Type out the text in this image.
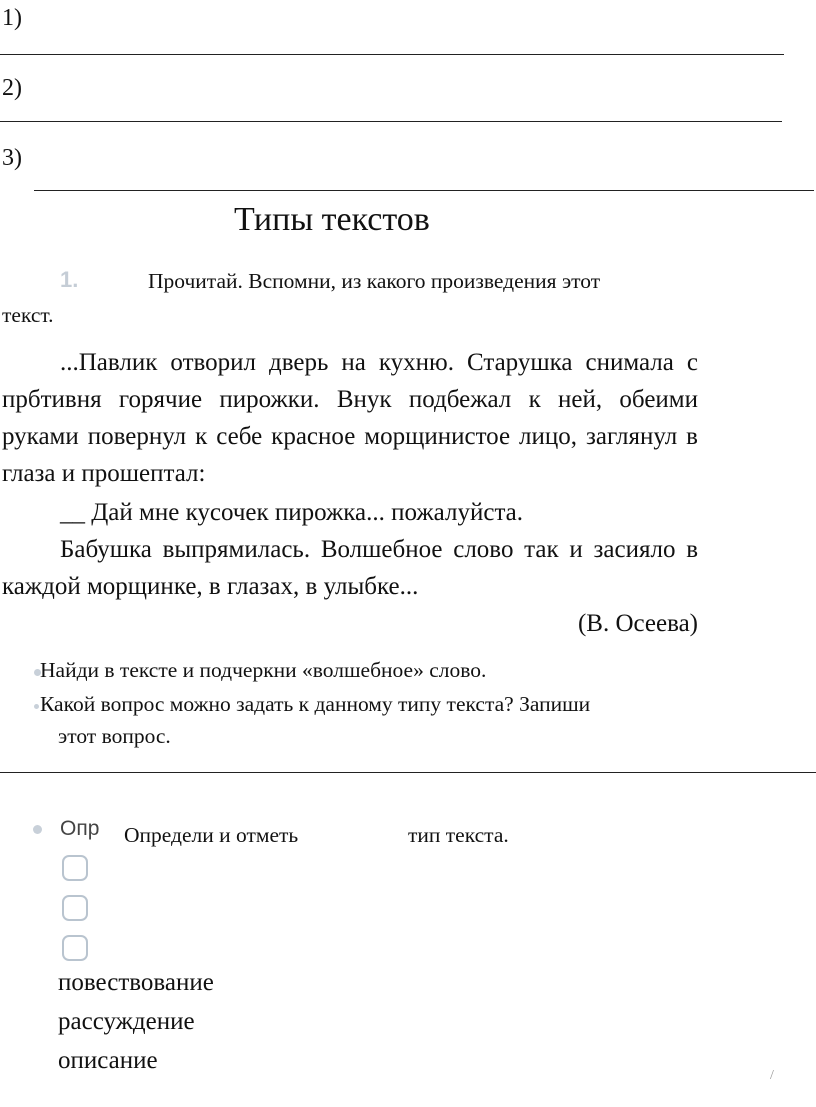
1)
2)
3)
Типы текстов
1.	Прочитай. Вспомни, из какого произведения этот
текст.

...Павлик отворил дверь на кухню. Старушка снимала с прбтивня горячие пирожки. Внук подбежал к ней, обеими руками повернул к себе красное морщинистое лицо, заглянул в глаза и прошептал:

__ Дай мне кусочек пирожка... пожалуйста.

Бабушка выпрямилась. Волшебное слово так и засияло в каждой морщинке, в глазах, в улыбке...

(В. Осеева)
Найди в тексте и подчеркни «волшебное» слово.
Какой вопрос можно задать к данному типу текста? Запиши
этот вопрос.
Опр Определи и отметь	тип текста.
повествование
рассуждение
описание
/
